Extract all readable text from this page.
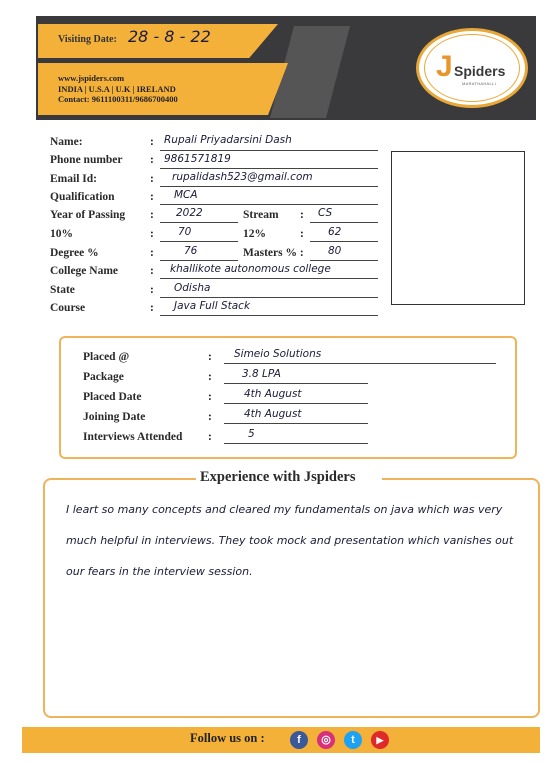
Visiting Date: 28 - 8 - 22
www.jspiders.com
INDIA | U.S.A | U.K | IRELAND
Contact: 9611100311/9686700400
J Spiders
MARATHAHALLI
Name:	: Rupali Priyadarsini Dash
Phone number : 9861571819
Email Id:	: rupalidash523@gmail.com
Qualification	: MCA
Year of Passing : 2022	Stream : CS
10%	: 70	12%	: 62
Degree %	:	76	Masters % : 80
College Name	: khallikote autonomous college
State	: Odisha
Course	: Java Full Stack
Placed @	: Simeio Solutions
Package	:	3.8 LPA
Placed Date	:	4th August
Joining Date	:	4th August
Interviews Attended :	5
Experience with Jspiders
I leart so many concepts and cleared my fundamentals on java which was very much helpful in interviews. They took mock and presentation which vanishes out our fears in the interview session.
Follow us on :	f	◎	t	▶
